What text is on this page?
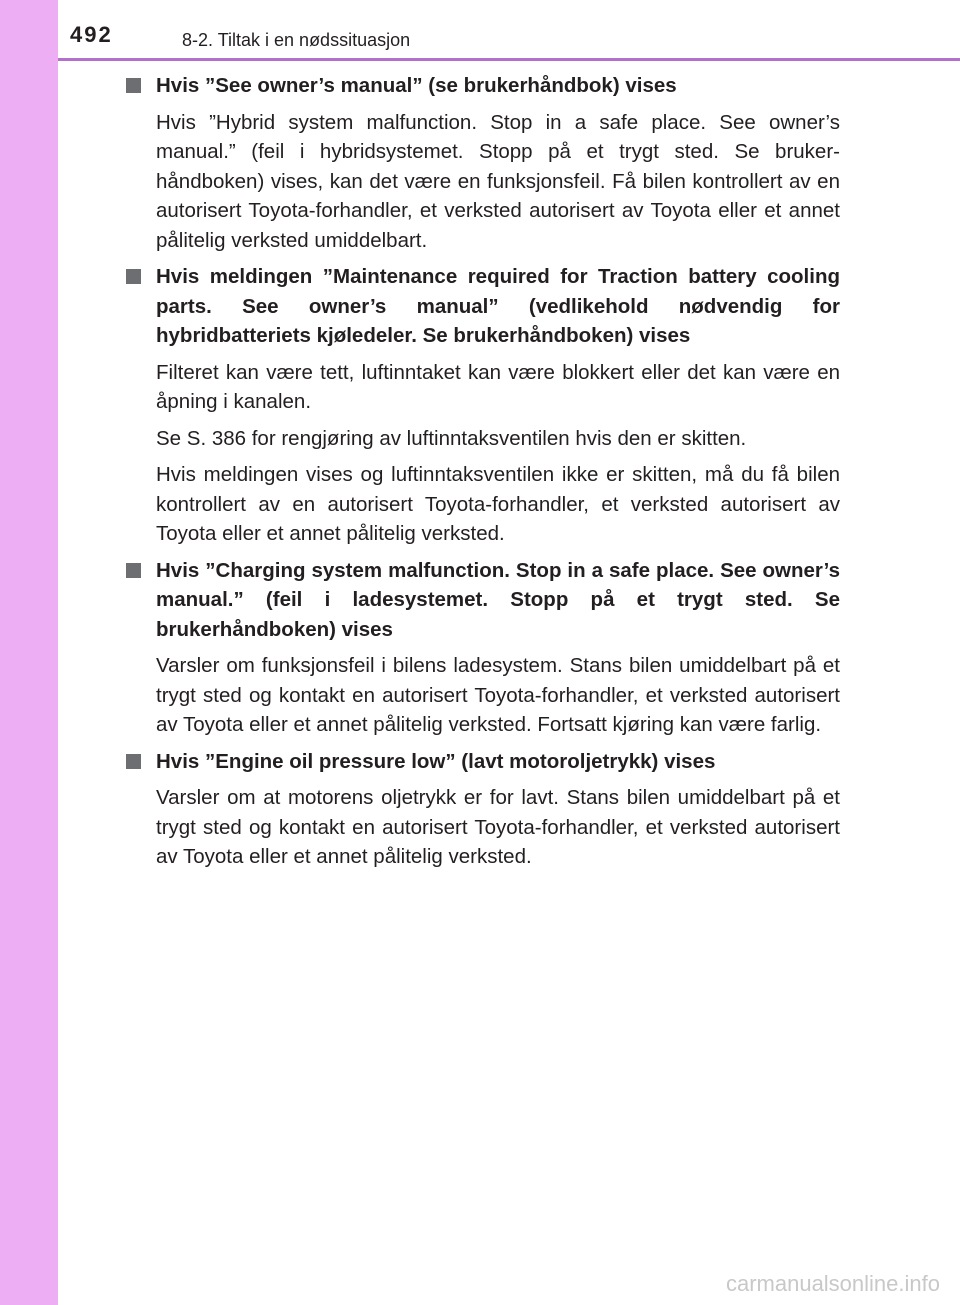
492	8-2. Tiltak i en nødssituasjon

Hvis ”See owner’s manual” (se brukerhåndbok) vises

Hvis ”Hybrid system malfunction. Stop in a safe place. See owner’s manual.” (feil i hybridsystemet. Stopp på et trygt sted. Se brukerhåndboken) vises, kan det være en funksjonsfeil. Få bilen kontrollert av en autorisert Toyota-forhandler, et verksted autorisert av Toyota eller et annet pålitelig verksted umiddelbart.

Hvis meldingen ”Maintenance required for Traction battery cooling parts. See owner’s manual” (vedlikehold nødvendig for hybridbatteriets kjøledeler. Se brukerhåndboken) vises

Filteret kan være tett, luftinntaket kan være blokkert eller det kan være en åpning i kanalen.

Se S. 386 for rengjøring av luftinntaksventilen hvis den er skitten.

Hvis meldingen vises og luftinntaksventilen ikke er skitten, må du få bilen kontrollert av en autorisert Toyota-forhandler, et verksted autorisert av Toyota eller et annet pålitelig verksted.

Hvis ”Charging system malfunction. Stop in a safe place. See owner’s manual.” (feil i ladesystemet. Stopp på et trygt sted. Se brukerhåndboken) vises

Varsler om funksjonsfeil i bilens ladesystem. Stans bilen umiddelbart på et trygt sted og kontakt en autorisert Toyota-forhandler, et verksted autorisert av Toyota eller et annet pålitelig verksted. Fortsatt kjøring kan være farlig.

Hvis ”Engine oil pressure low” (lavt motoroljetrykk) vises

Varsler om at motorens oljetrykk er for lavt. Stans bilen umiddelbart på et trygt sted og kontakt en autorisert Toyota-forhandler, et verksted autorisert av Toyota eller et annet pålitelig verksted.

carmanualsonline.info
